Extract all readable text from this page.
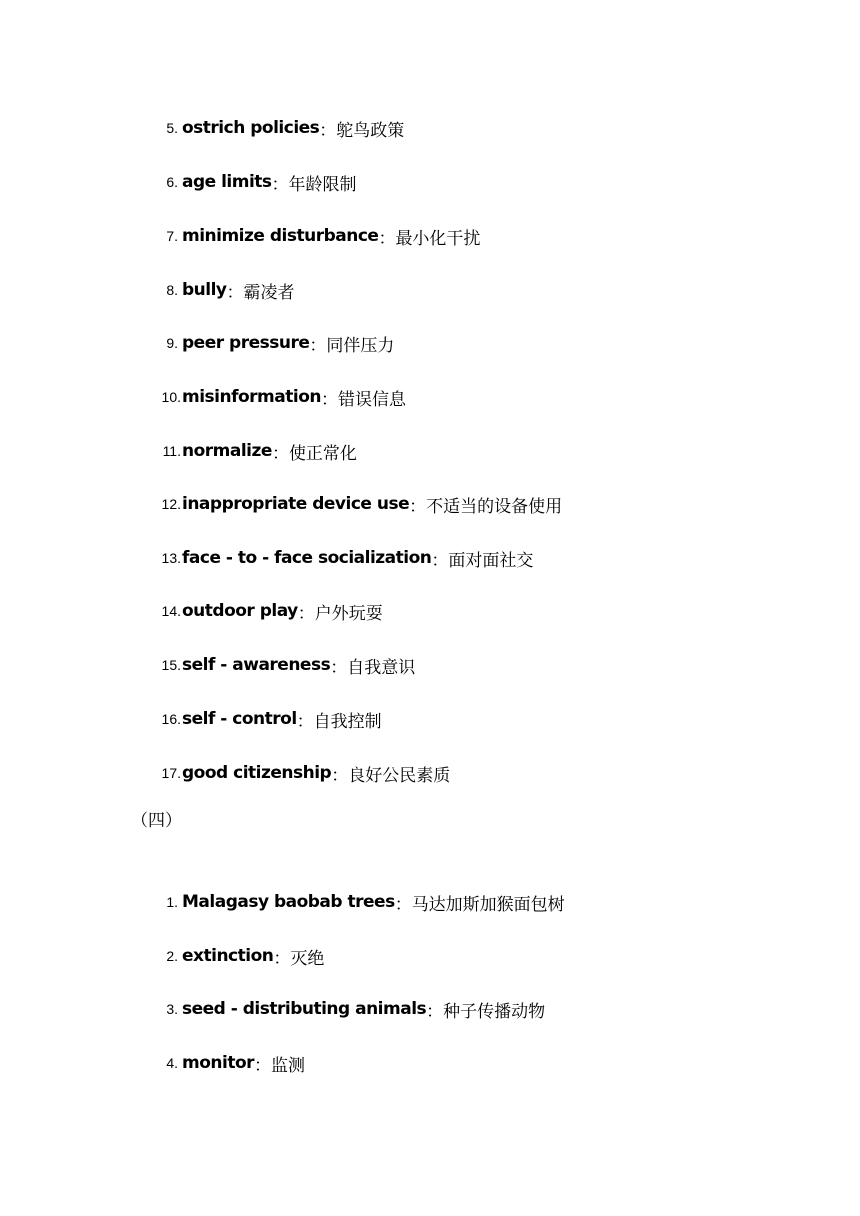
5. ostrich policies ： 鸵鸟政策
6. age limits ： 年龄限制
7. minimize disturbance ： 最小化干扰
8. bully ： 霸凌者
9. peer pressure ： 同伴压力
10. misinformation ： 错误信息
11. normalize ： 使正常化
12. inappropriate device use ： 不适当的设备使用
13. face - to - face socialization ： 面对面社交
14. outdoor play ： 户外玩耍
15. self - awareness ： 自我意识
16. self - control ： 自我控制
17. good citizenship ： 良好公民素质
（四）
1. Malagasy baobab trees ： 马达加斯加猴面包树
2. extinction ： 灭绝
3. seed - distributing animals ： 种子传播动物
4. monitor ： 监测
